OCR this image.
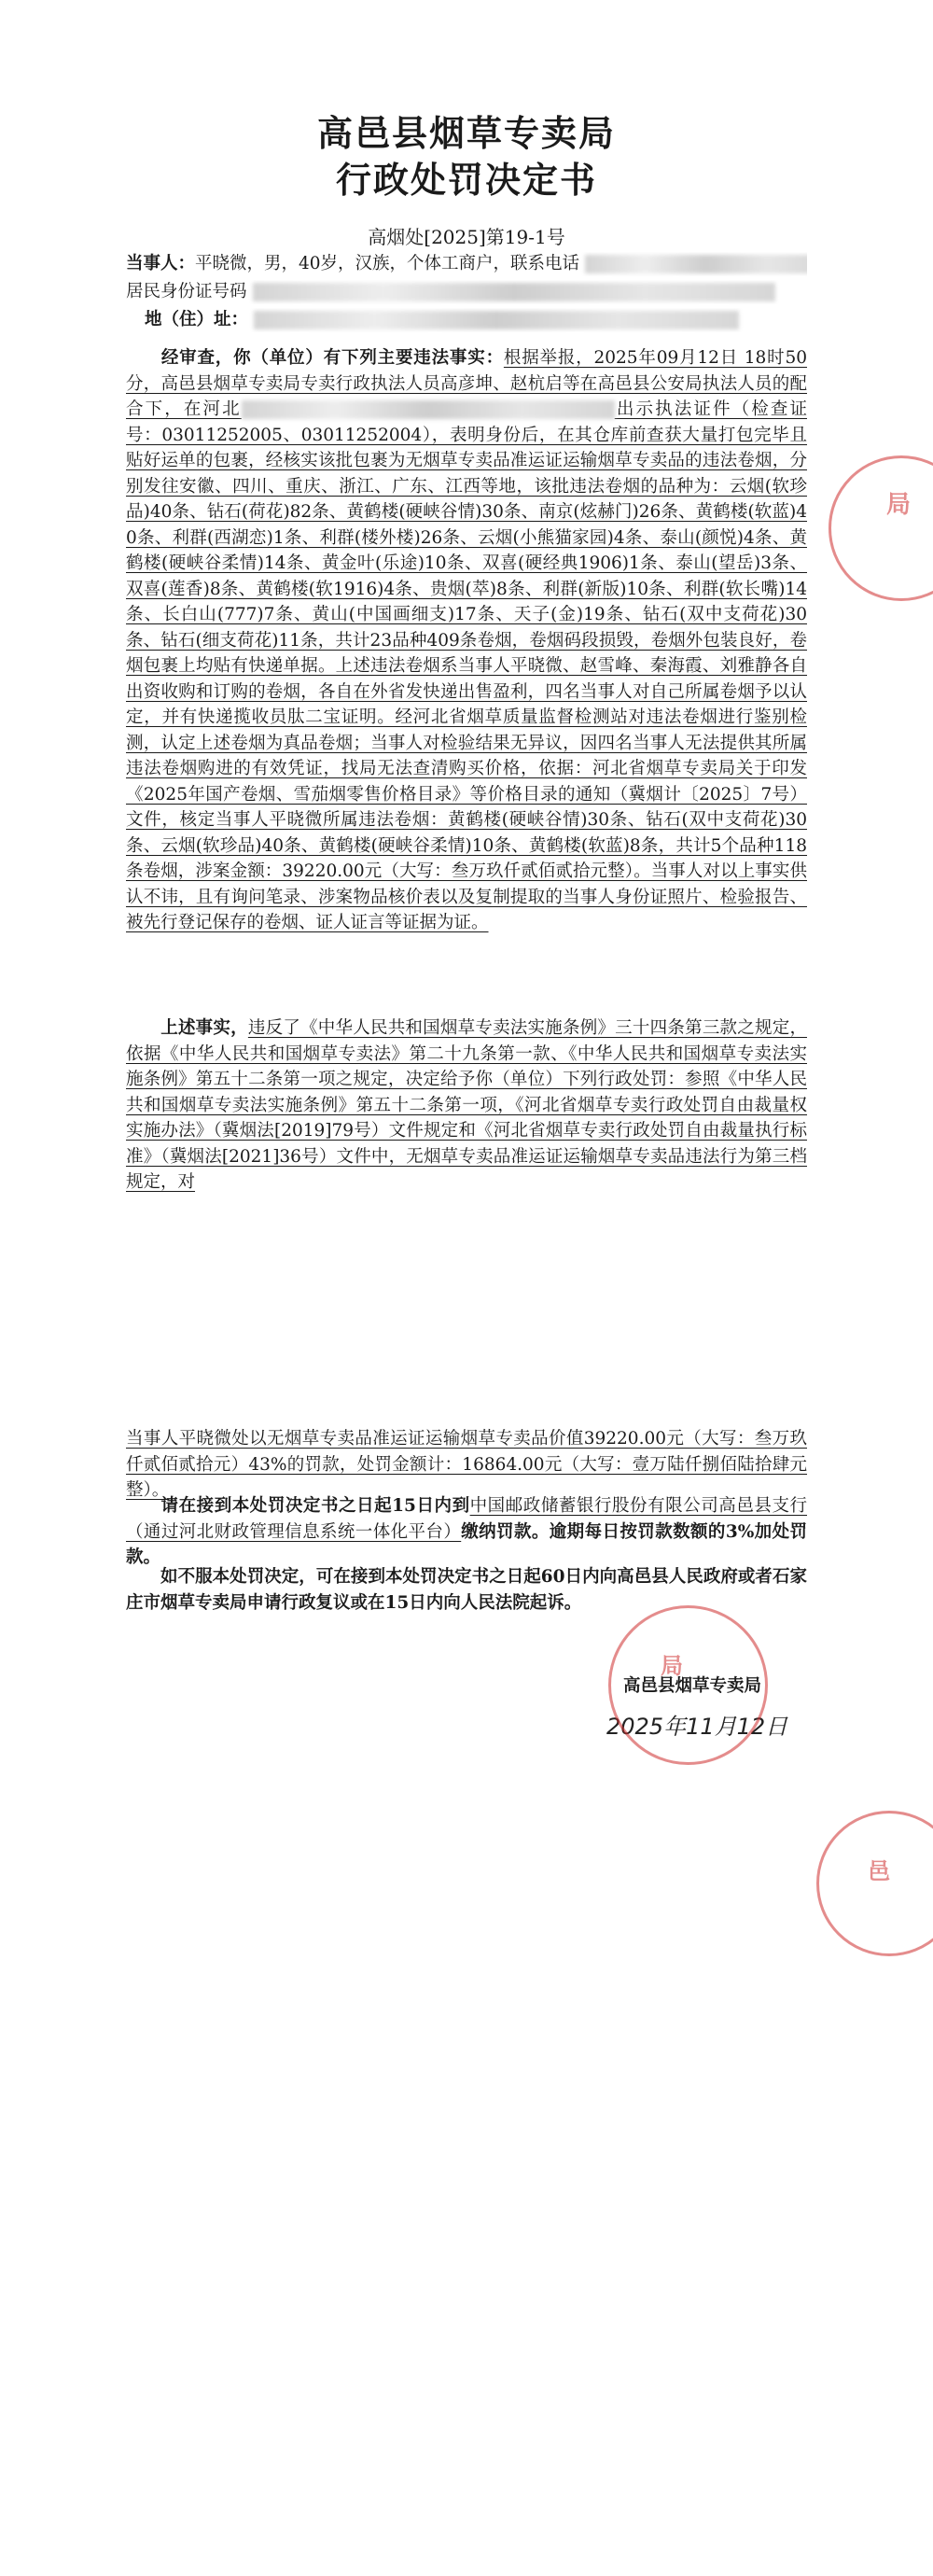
高邑县烟草专卖局
行政处罚决定书
高烟处[2025]第19-1号
当事人：平晓微，男，40岁，汉族，个体工商户，联系电话
居民身份证号码
地（住）址：
经审查，你（单位）有下列主要违法事实：根据举报，2025年09月12日 18时50分，高邑县烟草专卖局专卖行政执法人员高彦坤、赵杭启等在高邑县公安局执法人员的配合下，在河北	出示执法证件（检查证号：03011252005、03011252004），表明身份后，在其仓库前查获大量打包完毕且贴好运单的包裹，经核实该批包裹为无烟草专卖品准运证运输烟草专卖品的违法卷烟，分别发往安徽、四川、重庆、浙江、广东、江西等地，该批违法卷烟的品种为：云烟(软珍品)40条、钻石(荷花)82条、黄鹤楼(硬峡谷情)30条、南京(炫赫门)26条、黄鹤楼(软蓝)40条、利群(西湖恋)1条、利群(楼外楼)26条、云烟(小熊猫家园)4条、泰山(颜悦)4条、黄鹤楼(硬峡谷柔情)14条、黄金叶(乐途)10条、双喜(硬经典1906)1条、泰山(望岳)3条、双喜(莲香)8条、黄鹤楼(软1916)4条、贵烟(萃)8条、利群(新版)10条、利群(软长嘴)14条、长白山(777)7条、黄山(中国画细支)17条、天子(金)19条、钻石(双中支荷花)30条、钻石(细支荷花)11条，共计23品种409条卷烟，卷烟码段损毁，卷烟外包装良好，卷烟包裹上均贴有快递单据。上述违法卷烟系当事人平晓微、赵雪峰、秦海霞、刘雅静各自出资收购和订购的卷烟，各自在外省发快递出售盈利，四名当事人对自己所属卷烟予以认定，并有快递揽收员肽二宝证明。经河北省烟草质量监督检测站对违法卷烟进行鉴别检测，认定上述卷烟为真品卷烟；当事人对检验结果无异议，因四名当事人无法提供其所属违法卷烟购进的有效凭证，找局无法查清购买价格，依据：河北省烟草专卖局关于印发《2025年国产卷烟、雪茄烟零售价格目录》等价格目录的通知（冀烟计〔2025〕7号）文件，核定当事人平晓微所属违法卷烟：黄鹤楼(硬峡谷情)30条、钻石(双中支荷花)30条、云烟(软珍品)40条、黄鹤楼(硬峡谷柔情)10条、黄鹤楼(软蓝)8条，共计5个品种118条卷烟，涉案金额：39220.00元（大写：叁万玖仟贰佰贰拾元整）。当事人对以上事实供认不讳，且有询问笔录、涉案物品核价表以及复制提取的当事人身份证照片、检验报告、被先行登记保存的卷烟、证人证言等证据为证。
上述事实，违反了《中华人民共和国烟草专卖法实施条例》三十四条第三款之规定，依据《中华人民共和国烟草专卖法》第二十九条第一款、《中华人民共和国烟草专卖法实施条例》第五十二条第一项之规定，决定给予你（单位）下列行政处罚：参照《中华人民共和国烟草专卖法实施条例》第五十二条第一项，《河北省烟草专卖行政处罚自由裁量权实施办法》（冀烟法[2019]79号）文件规定和《河北省烟草专卖行政处罚自由裁量执行标准》（冀烟法[2021]36号）文件中，无烟草专卖品准运证运输烟草专卖品违法行为第三档规定，对
当事人平晓微处以无烟草专卖品准运证运输烟草专卖品价值39220.00元（大写：叁万玖仟贰佰贰拾元）43%的罚款，处罚金额计：16864.00元（大写：壹万陆仟捌佰陆拾肆元整）。
请在接到本处罚决定书之日起15日内到中国邮政储蓄银行股份有限公司高邑县支行（通过河北财政管理信息系统一体化平台）缴纳罚款。逾期每日按罚款数额的3%加处罚款。
如不服本处罚决定，可在接到本处罚决定书之日起60日内向高邑县人民政府或者石家庄市烟草专卖局申请行政复议或在15日内向人民法院起诉。
高邑县烟草专卖局
2025年11月12日
局
局
邑
